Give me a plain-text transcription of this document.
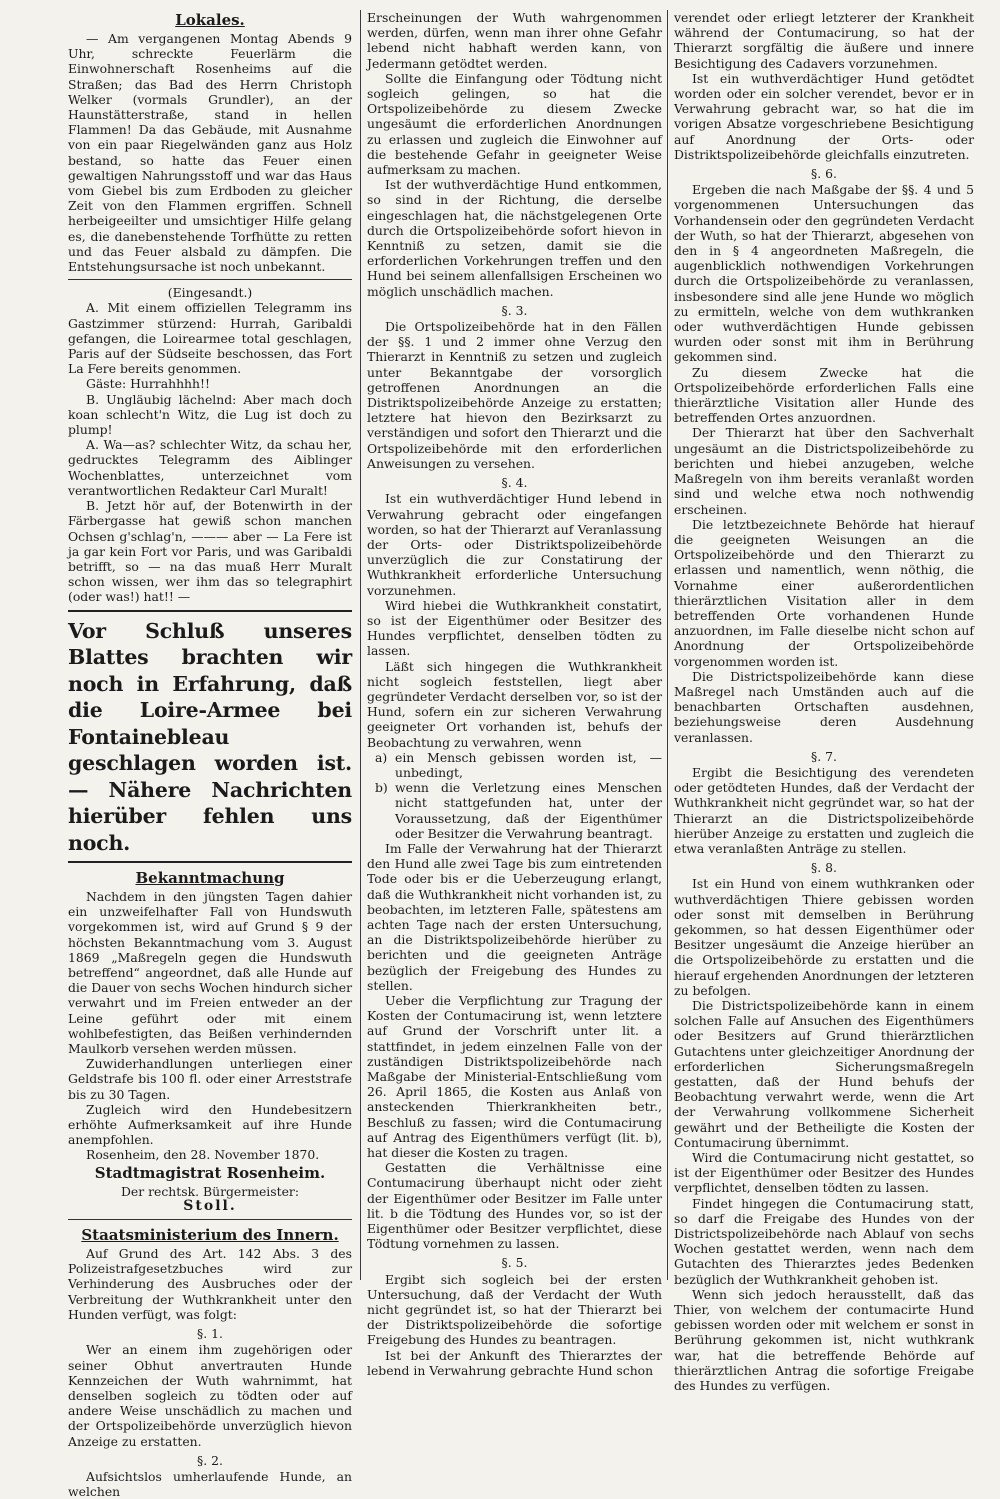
Lokales.

— Am vergangenen Montag Abends 9 Uhr, schreckte Feuerlärm die Einwohnerschaft Rosenheims auf die Straßen; das Bad des Herrn Christoph Welker (vormals Grundler), an der Haunstätterstraße, stand in hellen Flammen! Da das Gebäude, mit Ausnahme von ein paar Riegelwänden ganz aus Holz bestand, so hatte das Feuer einen gewaltigen Nahrungsstoff und war das Haus vom Giebel bis zum Erdboden zu gleicher Zeit von den Flammen ergriffen. Schnell herbeigeeilter und umsichtiger Hilfe gelang es, die danebenstehende Torfhütte zu retten und das Feuer alsbald zu dämpfen. Die Entstehungsursache ist noch unbekannt.

(Eingesandt.)

A. Mit einem offiziellen Telegramm ins Gastzimmer stürzend: Hurrah, Garibaldi gefangen, die Loirearmee total geschlagen, Paris auf der Südseite beschossen, das Fort La Fere bereits genommen.

Gäste: Hurrahhhh!!

B. Ungläubig lächelnd: Aber mach doch koan schlecht'n Witz, die Lug ist doch zu plump!

A. Wa—as? schlechter Witz, da schau her, gedrucktes Telegramm des Aiblinger Wochenblattes, unterzeichnet vom verantwortlichen Redakteur Carl Muralt!

B. Jetzt hör auf, der Botenwirth in der Färbergasse hat gewiß schon manchen Ochsen g'schlag'n, ——— aber — La Fere ist ja gar kein Fort vor Paris, und was Garibaldi betrifft, so — na das muaß Herr Muralt schon wissen, wer ihm das so telegraphirt (oder was!) hat!! —

Vor Schluß unseres Blattes brachten wir noch in Erfahrung, daß die Loire-Armee bei Fontainebleau geschlagen worden ist. — Nähere Nachrichten hierüber fehlen uns noch.
Bekanntmachung

Nachdem in den jüngsten Tagen dahier ein unzweifelhafter Fall von Hundswuth vorgekommen ist, wird auf Grund § 9 der höchsten Bekanntmachung vom 3. August 1869 „Maßregeln gegen die Hundswuth betreffend“ angeordnet, daß alle Hunde auf die Dauer von sechs Wochen hindurch sicher verwahrt und im Freien entweder an der Leine geführt oder mit einem wohlbefestigten, das Beißen verhindernden Maulkorb versehen werden müssen.

Zuwiderhandlungen unterliegen einer Geldstrafe bis 100 fl. oder einer Arreststrafe bis zu 30 Tagen.

Zugleich wird den Hundebesitzern erhöhte Aufmerksamkeit auf ihre Hunde anempfohlen.

Rosenheim, den 28. November 1870.

Stadtmagistrat Rosenheim.
Der rechtsk. Bürgermeister:
Stoll.
Staatsministerium des Innern.

Auf Grund des Art. 142 Abs. 3 des Polizeistrafgesetzbuches wird zur Verhinderung des Ausbruches oder der Verbreitung der Wuthkrankheit unter den Hunden verfügt, was folgt:

§. 1.

Wer an einem ihm zugehörigen oder seiner Obhut anvertrauten Hunde Kennzeichen der Wuth wahrnimmt, hat denselben sogleich zu tödten oder auf andere Weise unschädlich zu machen und der Ortspolizeibehörde unverzüglich hievon Anzeige zu erstatten.

§. 2.

Aufsichtslos umherlaufende Hunde, an welchen

Erscheinungen der Wuth wahrgenommen werden, dürfen, wenn man ihrer ohne Gefahr lebend nicht habhaft werden kann, von Jedermann getödtet werden.

Sollte die Einfangung oder Tödtung nicht sogleich gelingen, so hat die Ortspolizeibehörde zu diesem Zwecke ungesäumt die erforderlichen Anordnungen zu erlassen und zugleich die Einwohner auf die bestehende Gefahr in geeigneter Weise aufmerksam zu machen.

Ist der wuthverdächtige Hund entkommen, so sind in der Richtung, die derselbe eingeschlagen hat, die nächstgelegenen Orte durch die Ortspolizeibehörde sofort hievon in Kenntniß zu setzen, damit sie die erforderlichen Vorkehrungen treffen und den Hund bei seinem allenfallsigen Erscheinen wo möglich unschädlich machen.

§. 3.

Die Ortspolizeibehörde hat in den Fällen der §§. 1 und 2 immer ohne Verzug den Thierarzt in Kenntniß zu setzen und zugleich unter Bekanntgabe der vorsorglich getroffenen Anordnungen an die Distriktspolizeibehörde Anzeige zu erstatten; letztere hat hievon den Bezirksarzt zu verständigen und sofort den Thierarzt und die Ortspolizeibehörde mit den erforderlichen Anweisungen zu versehen.

§. 4.

Ist ein wuthverdächtiger Hund lebend in Verwahrung gebracht oder eingefangen worden, so hat der Thierarzt auf Veranlassung der Orts- oder Distriktspolizeibehörde unverzüglich die zur Constatirung der Wuthkrankheit erforderliche Untersuchung vorzunehmen.

Wird hiebei die Wuthkrankheit constatirt, so ist der Eigenthümer oder Besitzer des Hundes verpflichtet, denselben tödten zu lassen.

Läßt sich hingegen die Wuthkrankheit nicht sogleich feststellen, liegt aber gegründeter Verdacht derselben vor, so ist der Hund, sofern ein zur sicheren Verwahrung geeigneter Ort vorhanden ist, behufs der Beobachtung zu verwahren, wenn

a) ein Mensch gebissen worden ist, — unbedingt,
b) wenn die Verletzung eines Menschen nicht stattgefunden hat, unter der Voraussetzung, daß der Eigenthümer oder Besitzer die Verwahrung beantragt.

Im Falle der Verwahrung hat der Thierarzt den Hund alle zwei Tage bis zum eintretenden Tode oder bis er die Ueberzeugung erlangt, daß die Wuthkrankheit nicht vorhanden ist, zu beobachten, im letzteren Falle, spätestens am achten Tage nach der ersten Untersuchung, an die Distriktspolizeibehörde hierüber zu berichten und die geeigneten Anträge bezüglich der Freigebung des Hundes zu stellen.

Ueber die Verpflichtung zur Tragung der Kosten der Contumacirung ist, wenn letztere auf Grund der Vorschrift unter lit. a stattfindet, in jedem einzelnen Falle von der zuständigen Distriktspolizeibehörde nach Maßgabe der Ministerial-Entschließung vom 26. April 1865, die Kosten aus Anlaß von ansteckenden Thierkrankheiten betr., Beschluß zu fassen; wird die Contumacirung auf Antrag des Eigenthümers verfügt (lit. b), hat dieser die Kosten zu tragen.

Gestatten die Verhältnisse eine Contumacirung überhaupt nicht oder zieht der Eigenthümer oder Besitzer im Falle unter lit. b die Tödtung des Hundes vor, so ist der Eigenthümer oder Besitzer verpflichtet, diese Tödtung vornehmen zu lassen.

§. 5.

Ergibt sich sogleich bei der ersten Untersuchung, daß der Verdacht der Wuth nicht gegründet ist, so hat der Thierarzt bei der Distriktspolizeibehörde die sofortige Freigebung des Hundes zu beantragen.

Ist bei der Ankunft des Thierarztes der lebend in Verwahrung gebrachte Hund schon

verendet oder erliegt letzterer der Krankheit während der Contumacirung, so hat der Thierarzt sorgfältig die äußere und innere Besichtigung des Cadavers vorzunehmen.

Ist ein wuthverdächtiger Hund getödtet worden oder ein solcher verendet, bevor er in Verwahrung gebracht war, so hat die im vorigen Absatze vorgeschriebene Besichtigung auf Anordnung der Orts- oder Distriktspolizeibehörde gleichfalls einzutreten.

§. 6.

Ergeben die nach Maßgabe der §§. 4 und 5 vorgenommenen Untersuchungen das Vorhandensein oder den gegründeten Verdacht der Wuth, so hat der Thierarzt, abgesehen von den in § 4 angeordneten Maßregeln, die augenblicklich nothwendigen Vorkehrungen durch die Ortspolizeibehörde zu veranlassen, insbesondere sind alle jene Hunde wo möglich zu ermitteln, welche von dem wuthkranken oder wuthverdächtigen Hunde gebissen wurden oder sonst mit ihm in Berührung gekommen sind.

Zu diesem Zwecke hat die Ortspolizeibehörde erforderlichen Falls eine thierärztliche Visitation aller Hunde des betreffenden Ortes anzuordnen.

Der Thierarzt hat über den Sachverhalt ungesäumt an die Districtspolizeibehörde zu berichten und hiebei anzugeben, welche Maßregeln von ihm bereits veranlaßt worden sind und welche etwa noch nothwendig erscheinen.

Die letztbezeichnete Behörde hat hierauf die geeigneten Weisungen an die Ortspolizeibehörde und den Thierarzt zu erlassen und namentlich, wenn nöthig, die Vornahme einer außerordentlichen thierärztlichen Visitation aller in dem betreffenden Orte vorhandenen Hunde anzuordnen, im Falle dieselbe nicht schon auf Anordnung der Ortspolizeibehörde vorgenommen worden ist.

Die Districtspolizeibehörde kann diese Maßregel nach Umständen auch auf die benachbarten Ortschaften ausdehnen, beziehungsweise deren Ausdehnung veranlassen.

§. 7.

Ergibt die Besichtigung des verendeten oder getödteten Hundes, daß der Verdacht der Wuthkrankheit nicht gegründet war, so hat der Thierarzt an die Districtspolizeibehörde hierüber Anzeige zu erstatten und zugleich die etwa veranlaßten Anträge zu stellen.

§. 8.

Ist ein Hund von einem wuthkranken oder wuthverdächtigen Thiere gebissen worden oder sonst mit demselben in Berührung gekommen, so hat dessen Eigenthümer oder Besitzer ungesäumt die Anzeige hierüber an die Ortspolizeibehörde zu erstatten und die hierauf ergehenden Anordnungen der letzteren zu befolgen.

Die Districtspolizeibehörde kann in einem solchen Falle auf Ansuchen des Eigenthümers oder Besitzers auf Grund thierärztlichen Gutachtens unter gleichzeitiger Anordnung der erforderlichen Sicherungsmaßregeln gestatten, daß der Hund behufs der Beobachtung verwahrt werde, wenn die Art der Verwahrung vollkommene Sicherheit gewährt und der Betheiligte die Kosten der Contumacirung übernimmt.

Wird die Contumacirung nicht gestattet, so ist der Eigenthümer oder Besitzer des Hundes verpflichtet, denselben tödten zu lassen.

Findet hingegen die Contumacirung statt, so darf die Freigabe des Hundes von der Districtspolizeibehörde nach Ablauf von sechs Wochen gestattet werden, wenn nach dem Gutachten des Thierarztes jedes Bedenken bezüglich der Wuthkrankheit gehoben ist.

Wenn sich jedoch herausstellt, daß das Thier, von welchem der contumacirte Hund gebissen worden oder mit welchem er sonst in Berührung gekommen ist, nicht wuthkrank war, hat die betreffende Behörde auf thierärztlichen Antrag die sofortige Freigabe des Hundes zu verfügen.
